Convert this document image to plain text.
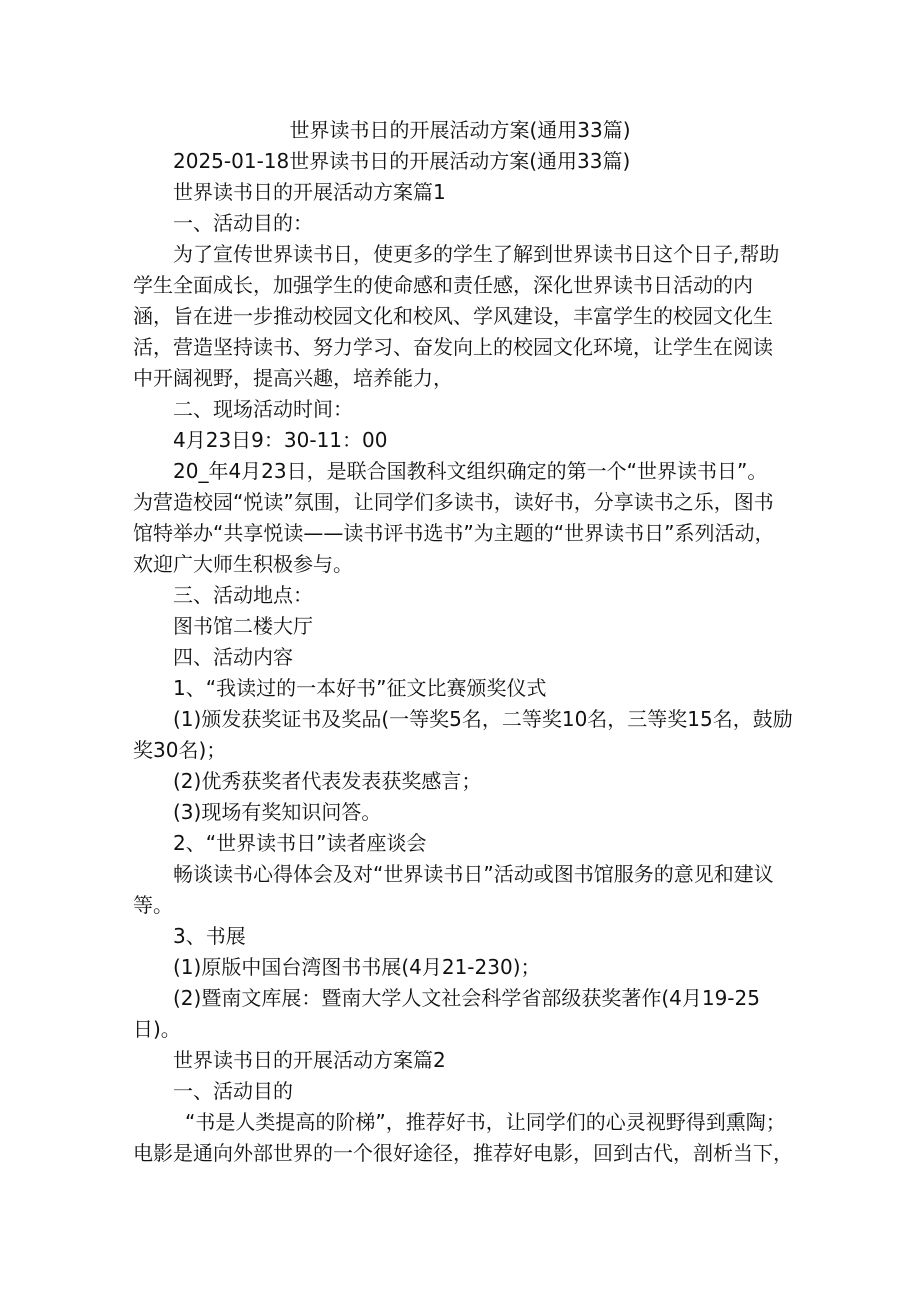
世界读书日的开展活动方案(通用33篇)
2025-01-18世界读书日的开展活动方案(通用33篇)
世界读书日的开展活动方案篇1
一、活动目的：
为了宣传世界读书日，使更多的学生了解到世界读书日这个日子,帮助
学生全面成长，加强学生的使命感和责任感，深化世界读书日活动的内
涵，旨在进一步推动校园文化和校风、学风建设，丰富学生的校园文化生
活，营造坚持读书、努力学习、奋发向上的校园文化环境，让学生在阅读
中开阔视野，提高兴趣，培养能力，
二、现场活动时间：
4月23日9：30-11：00
20_年4月23日，是联合国教科文组织确定的第一个“世界读书日”。
为营造校园“悦读”氛围，让同学们多读书，读好书，分享读书之乐，图书
馆特举办“共享悦读——读书评书选书”为主题的“世界读书日”系列活动，
欢迎广大师生积极参与。
三、活动地点：
图书馆二楼大厅
四、活动内容
1、“我读过的一本好书”征文比赛颁奖仪式
(1)颁发获奖证书及奖品(一等奖5名，二等奖10名，三等奖15名，鼓励
奖30名)；
(2)优秀获奖者代表发表获奖感言；
(3)现场有奖知识问答。
2、“世界读书日”读者座谈会
畅谈读书心得体会及对“世界读书日”活动或图书馆服务的意见和建议
等。
3、书展
(1)原版中国台湾图书书展(4月21-230)；
(2)暨南文库展：暨南大学人文社会科学省部级获奖著作(4月19-25
日)。
世界读书日的开展活动方案篇2
一、活动目的
“书是人类提高的阶梯”，推荐好书，让同学们的心灵视野得到熏陶；
电影是通向外部世界的一个很好途径，推荐好电影，回到古代，剖析当下，
